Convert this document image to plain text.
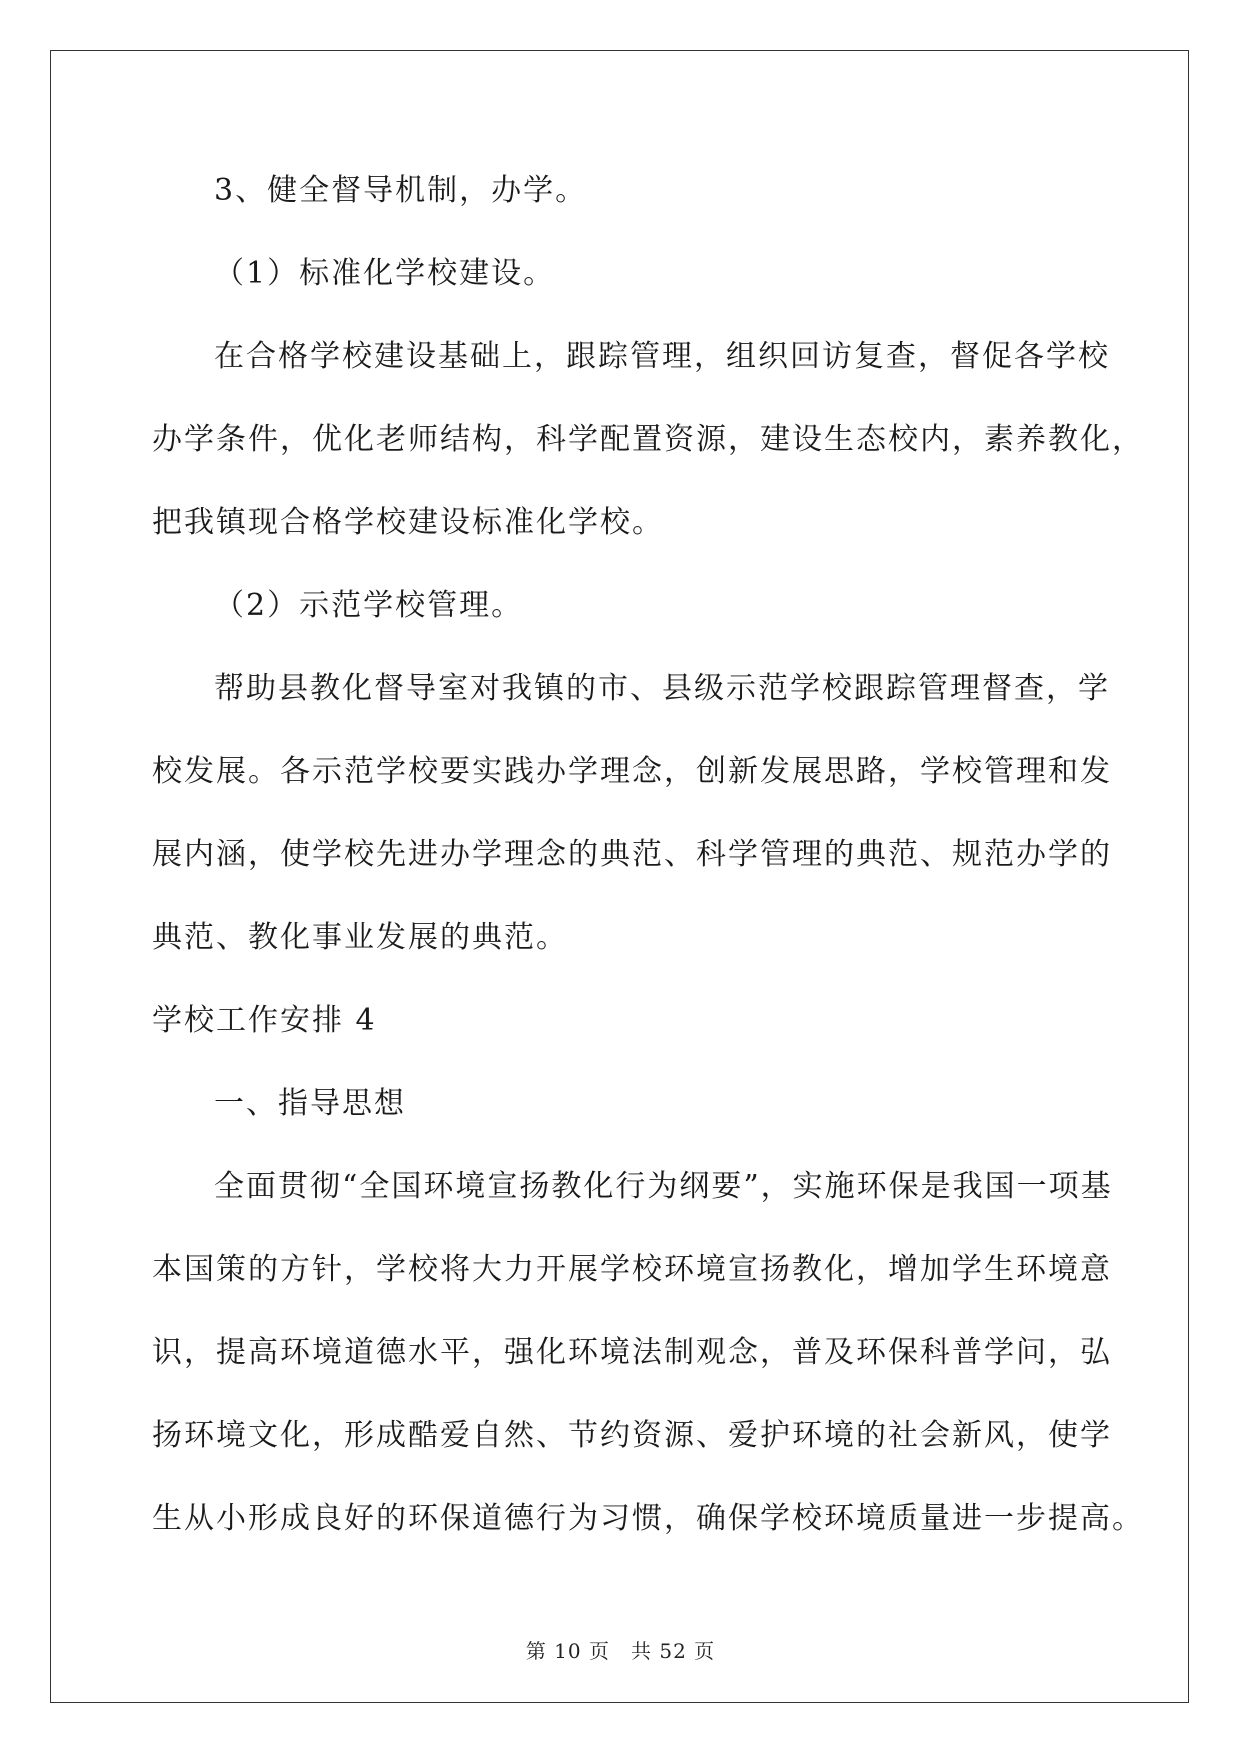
3、健全督导机制，办学。
（1）标准化学校建设。
在合格学校建设基础上，跟踪管理，组织回访复查，督促各学校
办学条件，优化老师结构，科学配置资源，建设生态校内，素养教化，
把我镇现合格学校建设标准化学校。
（2）示范学校管理。
帮助县教化督导室对我镇的市、县级示范学校跟踪管理督查，学
校发展。各示范学校要实践办学理念，创新发展思路，学校管理和发
展内涵，使学校先进办学理念的典范、科学管理的典范、规范办学的
典范、教化事业发展的典范。
学校工作安排 4
一、指导思想
全面贯彻“全国环境宣扬教化行为纲要”，实施环保是我国一项基
本国策的方针，学校将大力开展学校环境宣扬教化，增加学生环境意
识，提高环境道德水平，强化环境法制观念，普及环保科普学问，弘
扬环境文化，形成酷爱自然、节约资源、爱护环境的社会新风，使学
生从小形成良好的环保道德行为习惯，确保学校环境质量进一步提高。
第 10 页　共 52 页
